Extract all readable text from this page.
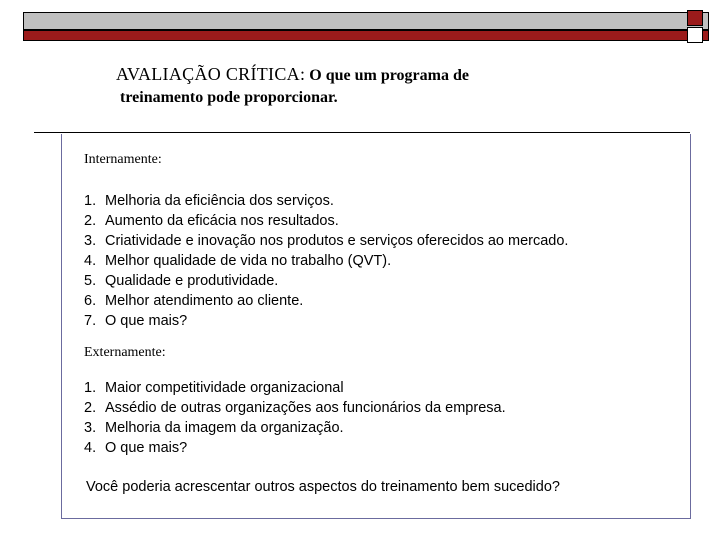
AVALIAÇÃO CRÍTICA: O que um programa de
treinamento pode proporcionar.
Internamente:
1. Melhoria da eficiência dos serviços.
2. Aumento da eficácia nos resultados.
3. Criatividade e inovação nos produtos e serviços oferecidos ao mercado.
4. Melhor qualidade de vida no trabalho (QVT).
5. Qualidade e produtividade.
6. Melhor atendimento ao cliente.
7. O que mais?
Externamente:
1. Maior competitividade organizacional
2. Assédio de outras organizações aos funcionários da empresa.
3. Melhoria da imagem da organização.
4. O que mais?
Você poderia acrescentar outros aspectos do treinamento bem sucedido?
